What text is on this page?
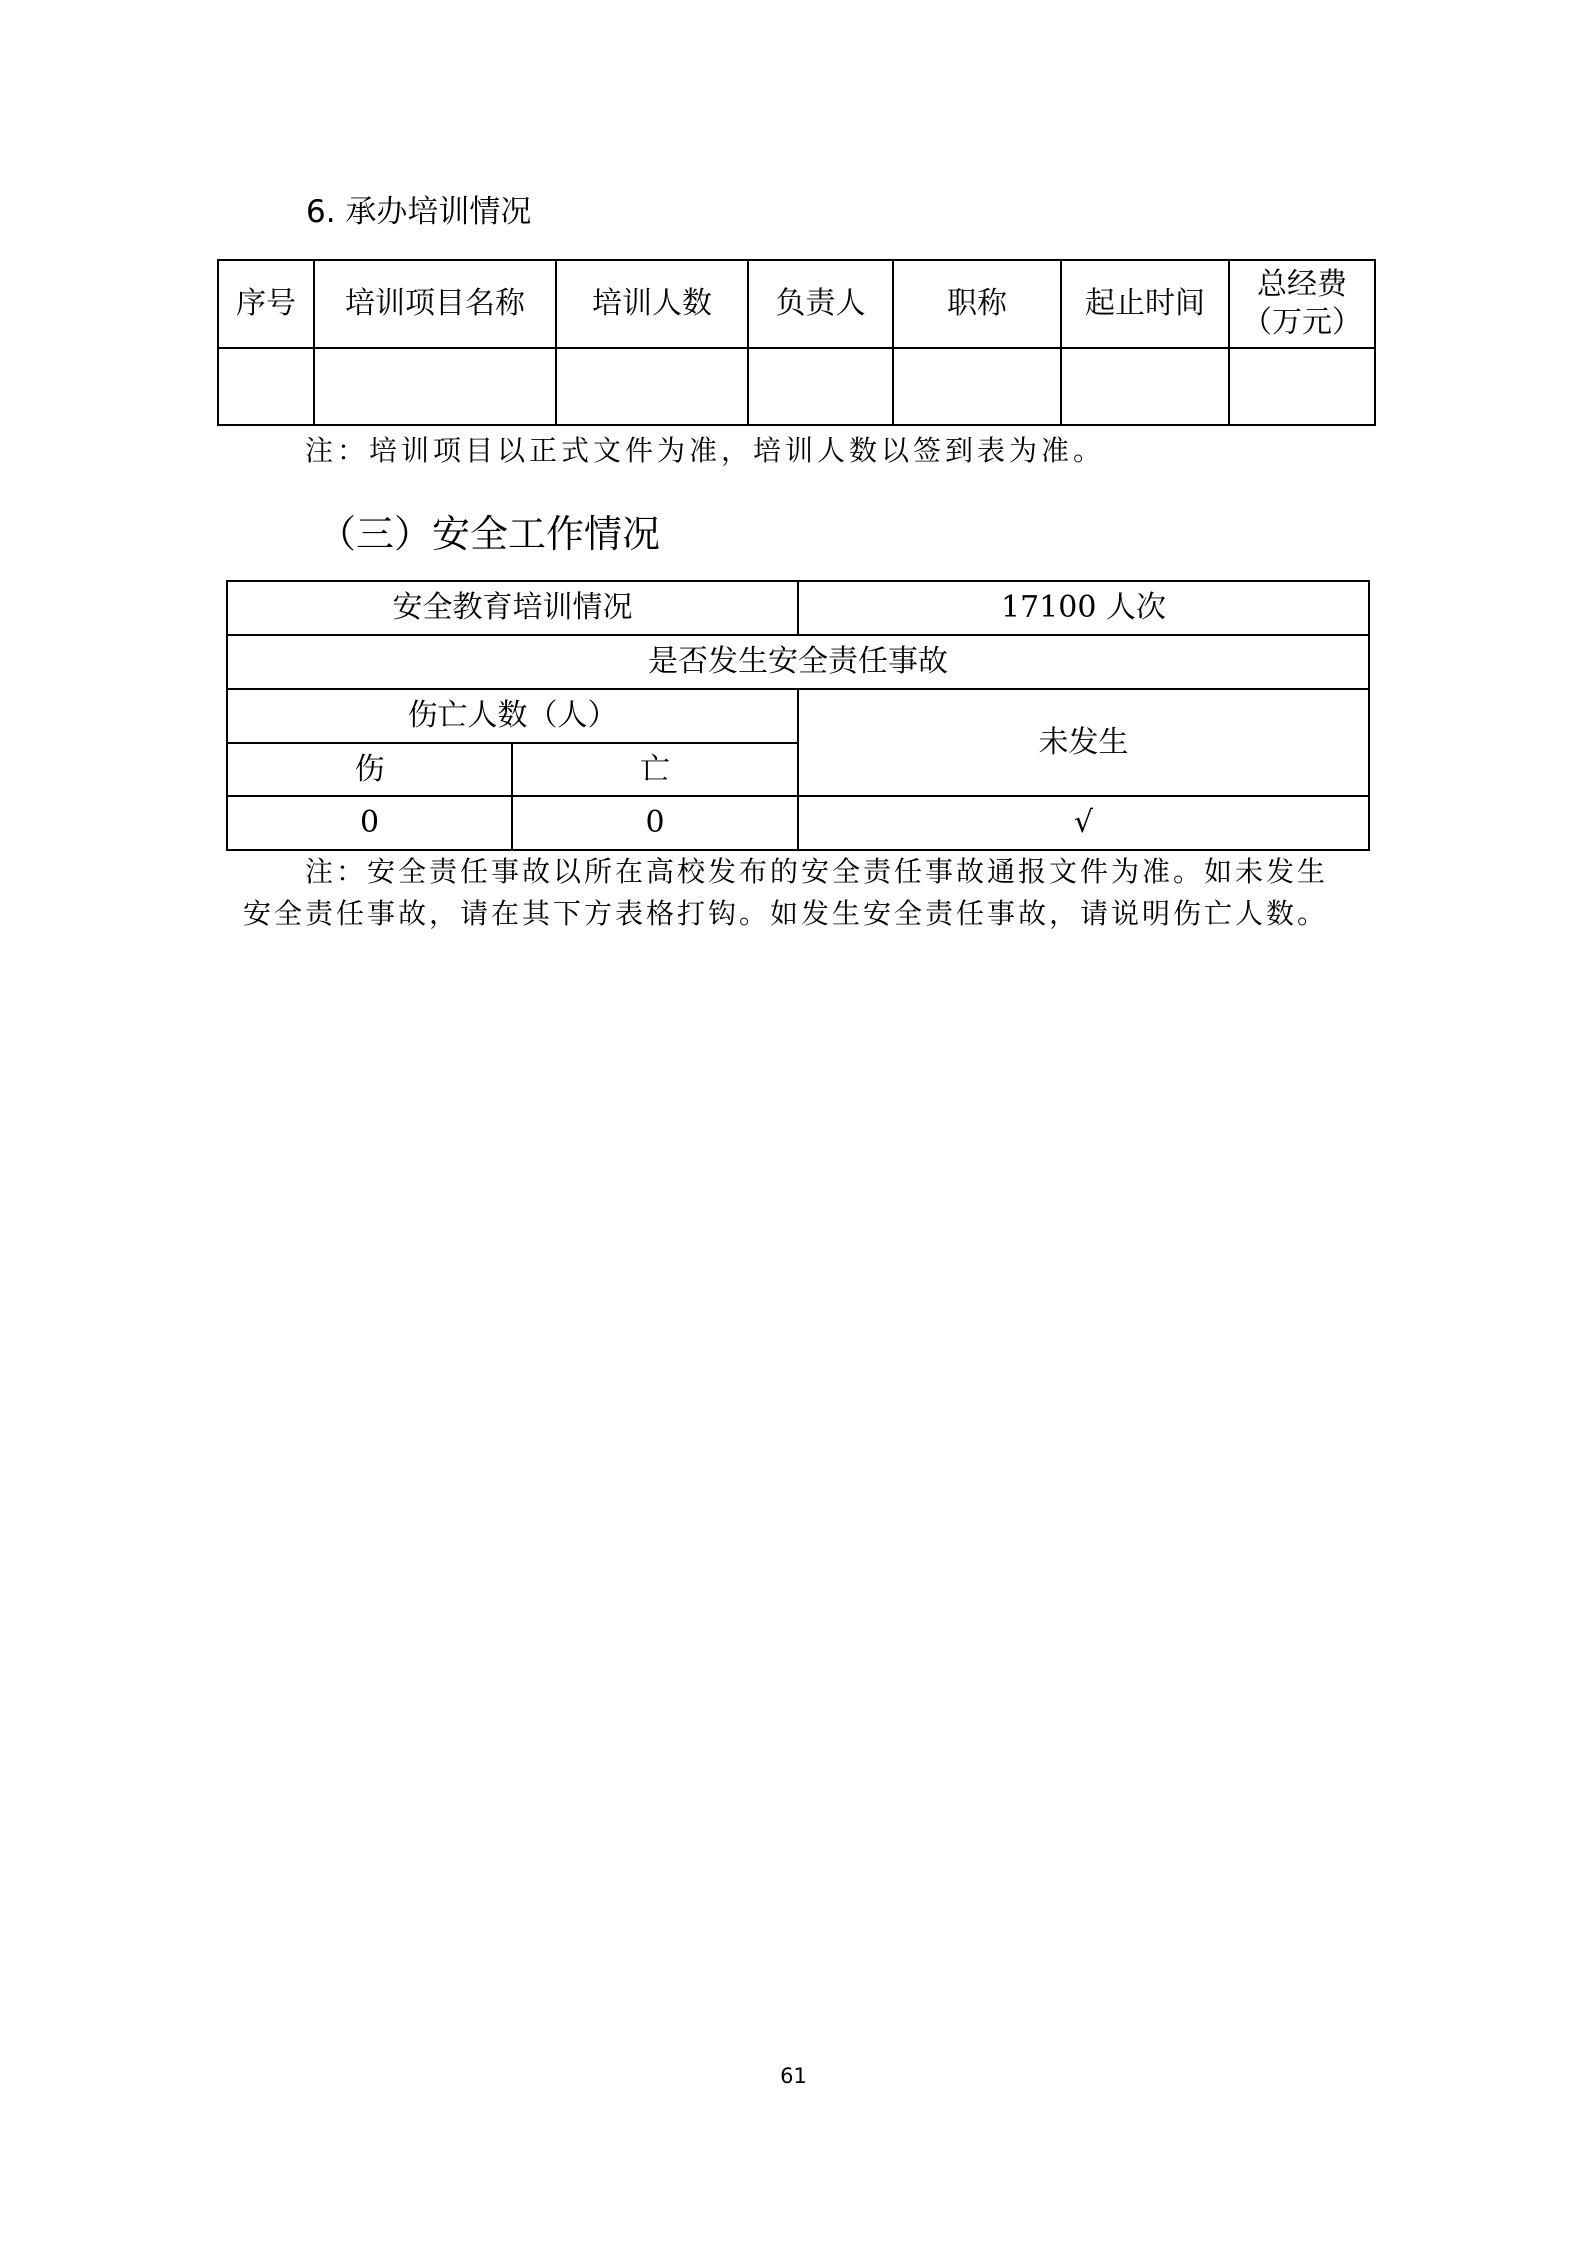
6. 承办培训情况
序号	培训项目名称	培训人数	负责人	职称	起止时间	总经费
（万元）

注：培训项目以正式文件为准，培训人数以签到表为准。
（三）安全工作情况
安全教育培训情况		17100 人次
是否发生安全责任事故		
伤亡人数（人）		未发生
伤	亡	
0	0	√
注：安全责任事故以所在高校发布的安全责任事故通报文件为准。如未发生
安全责任事故，请在其下方表格打钩。如发生安全责任事故，请说明伤亡人数。
61
